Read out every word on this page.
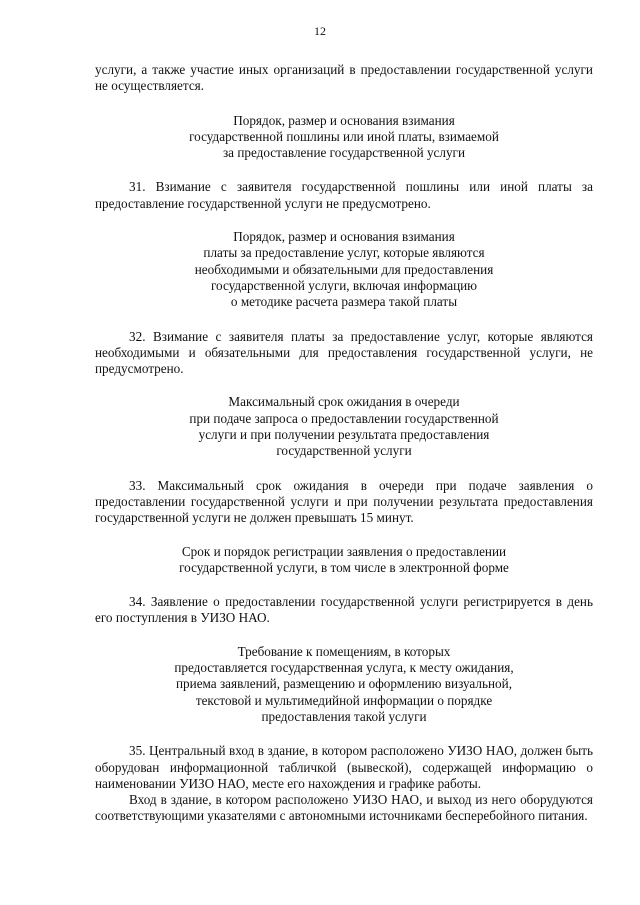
12

услуги, а также участие иных организаций в предоставлении государственной услуги не осуществляется.

Порядок, размер и основания взимания
государственной пошлины или иной платы, взимаемой
за предоставление государственной услуги

31. Взимание с заявителя государственной пошлины или иной платы за предоставление государственной услуги не предусмотрено.

Порядок, размер и основания взимания
платы за предоставление услуг, которые являются
необходимыми и обязательными для предоставления
государственной услуги, включая информацию
о методике расчета размера такой платы

32. Взимание с заявителя платы за предоставление услуг, которые являются необходимыми и обязательными для предоставления государственной услуги, не предусмотрено.

Максимальный срок ожидания в очереди
при подаче запроса о предоставлении государственной
услуги и при получении результата предоставления
государственной услуги

33. Максимальный срок ожидания в очереди при подаче заявления о предоставлении государственной услуги и при получении результата предоставления государственной услуги не должен превышать 15 минут.

Срок и порядок регистрации заявления о предоставлении
государственной услуги, в том числе в электронной форме

34. Заявление о предоставлении государственной услуги регистрируется в день его поступления в УИЗО НАО.

Требование к помещениям, в которых
предоставляется государственная услуга, к месту ожидания,
приема заявлений, размещению и оформлению визуальной,
текстовой и мультимедийной информации о порядке
предоставления такой услуги

35. Центральный вход в здание, в котором расположено УИЗО НАО, должен быть оборудован информационной табличкой (вывеской), содержащей информацию о наименовании УИЗО НАО, месте его нахождения и графике работы.

Вход в здание, в котором расположено УИЗО НАО, и выход из него оборудуются соответствующими указателями с автономными источниками бесперебойного питания.
